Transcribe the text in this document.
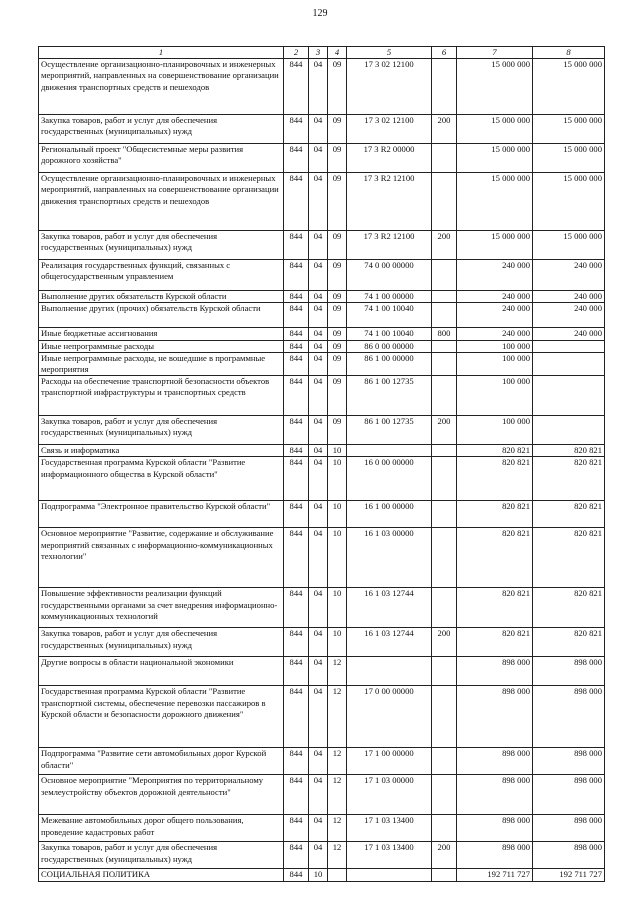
129
1	2	3	4	5	6	7	8
Осуществление организационно-планировочных и инженерных мероприятий, направленных на совершенствование организации движения транспортных средств и пешеходов	844	04	09	17 3 02 12100		15 000 000	15 000 000
Закупка товаров, работ и услуг для обеспечения государственных (муниципальных) нужд	844	04	09	17 3 02 12100	200	15 000 000	15 000 000
Региональный проект "Общесистемные меры развития дорожного хозяйства"	844	04	09	17 3 R2 00000		15 000 000	15 000 000
Осуществление организационно-планировочных и инженерных мероприятий, направленных на совершенствование организации движения транспортных средств и пешеходов	844	04	09	17 3 R2 12100		15 000 000	15 000 000
Закупка товаров, работ и услуг для обеспечения государственных (муниципальных) нужд	844	04	09	17 3 R2 12100	200	15 000 000	15 000 000
Реализация государственных функций, связанных с общегосударственным управлением	844	04	09	74 0 00 00000		240 000	240 000
Выполнение других обязательств Курской области	844	04	09	74 1 00 00000		240 000	240 000
Выполнение других (прочих) обязательств Курской области	844	04	09	74 1 00 10040		240 000	240 000
Иные бюджетные ассигнования	844	04	09	74 1 00 10040	800	240 000	240 000
Иные непрограммные расходы	844	04	09	86 0 00 00000		100 000	
Иные непрограммные расходы, не вошедшие в программные мероприятия	844	04	09	86 1 00 00000		100 000	
Расходы на обеспечение транспортной безопасности объектов транспортной инфраструктуры и транспортных средств	844	04	09	86 1 00 12735		100 000	
Закупка товаров, работ и услуг для обеспечения государственных (муниципальных) нужд	844	04	09	86 1 00 12735	200	100 000	
Связь и информатика	844	04	10			820 821	820 821
Государственная программа Курской области "Развитие информационного общества в Курской области"	844	04	10	16 0 00 00000		820 821	820 821
Подпрограмма "Электронное правительство Курской области"	844	04	10	16 1 00 00000		820 821	820 821
Основное мероприятие "Развитие, содержание и обслуживание мероприятий связанных с информационно-коммуникационных технологии"	844	04	10	16 1 03 00000		820 821	820 821
Повышение эффективности реализации функций государственными органами за счет внедрения информационно-коммуникационных технологий	844	04	10	16 1 03 12744		820 821	820 821
Закупка товаров, работ и услуг для обеспечения государственных (муниципальных) нужд	844	04	10	16 1 03 12744	200	820 821	820 821
Другие вопросы в области национальной экономики	844	04	12			898 000	898 000
Государственная программа Курской области "Развитие транспортной системы, обеспечение перевозки пассажиров в Курской области и безопасности дорожного движения"	844	04	12	17 0 00 00000		898 000	898 000
Подпрограмма "Развитие сети автомобильных дорог Курской области"	844	04	12	17 1 00 00000		898 000	898 000
Основное мероприятие "Мероприятия по территориальному землеустройству объектов дорожной деятельности"	844	04	12	17 1 03 00000		898 000	898 000
Межевание автомобильных дорог общего пользования, проведение кадастровых работ	844	04	12	17 1 03 13400		898 000	898 000
Закупка товаров, работ и услуг для обеспечения государственных (муниципальных) нужд	844	04	12	17 1 03 13400	200	898 000	898 000
СОЦИАЛЬНАЯ ПОЛИТИКА	844	10				192 711 727	192 711 727
